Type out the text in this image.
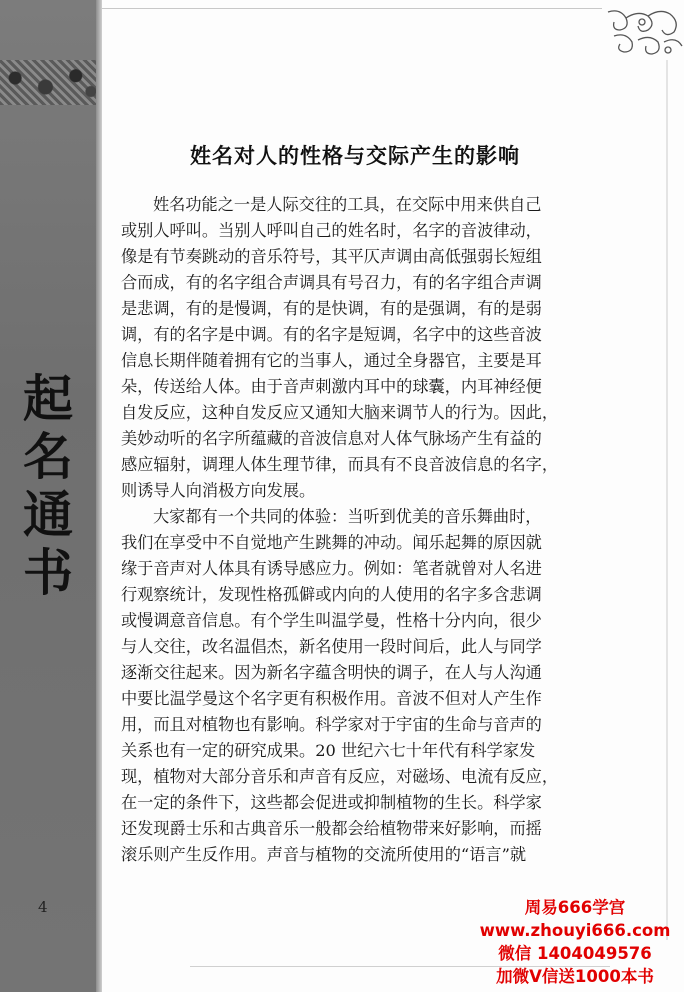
起
名
通
书
姓名对人的性格与交际产生的影响

姓名功能之一是人际交往的工具，在交际中用来供自己
或别人呼叫。当别人呼叫自己的姓名时，名字的音波律动，
像是有节奏跳动的音乐符号，其平仄声调由高低强弱长短组
合而成，有的名字组合声调具有号召力，有的名字组合声调
是悲调，有的是慢调，有的是快调，有的是强调，有的是弱
调，有的名字是中调。有的名字是短调，名字中的这些音波
信息长期伴随着拥有它的当事人，通过全身器官，主要是耳
朵，传送给人体。由于音声刺激内耳中的球囊，内耳神经便
自发反应，这种自发反应又通知大脑来调节人的行为。因此，
美妙动听的名字所蕴藏的音波信息对人体气脉场产生有益的
感应辐射，调理人体生理节律，而具有不良音波信息的名字，
则诱导人向消极方向发展。

大家都有一个共同的体验：当听到优美的音乐舞曲时，
我们在享受中不自觉地产生跳舞的冲动。闻乐起舞的原因就
缘于音声对人体具有诱导感应力。例如：笔者就曾对人名进
行观察统计，发现性格孤僻或内向的人使用的名字多含悲调
或慢调意音信息。有个学生叫温学曼，性格十分内向，很少
与人交往，改名温倡杰，新名使用一段时间后，此人与同学
逐渐交往起来。因为新名字蕴含明快的调子，在人与人沟通
中要比温学曼这个名字更有积极作用。音波不但对人产生作
用，而且对植物也有影响。科学家对于宇宙的生命与音声的
关系也有一定的研究成果。20 世纪六七十年代有科学家发
现，植物对大部分音乐和声音有反应，对磁场、电流有反应，
在一定的条件下，这些都会促进或抑制植物的生长。科学家
还发现爵士乐和古典音乐一般都会给植物带来好影响，而摇
滚乐则产生反作用。声音与植物的交流所使用的“语言”就

4	周易666学宫
www.zhouyi666.com
微信 1404049576
加微V信送1000本书
